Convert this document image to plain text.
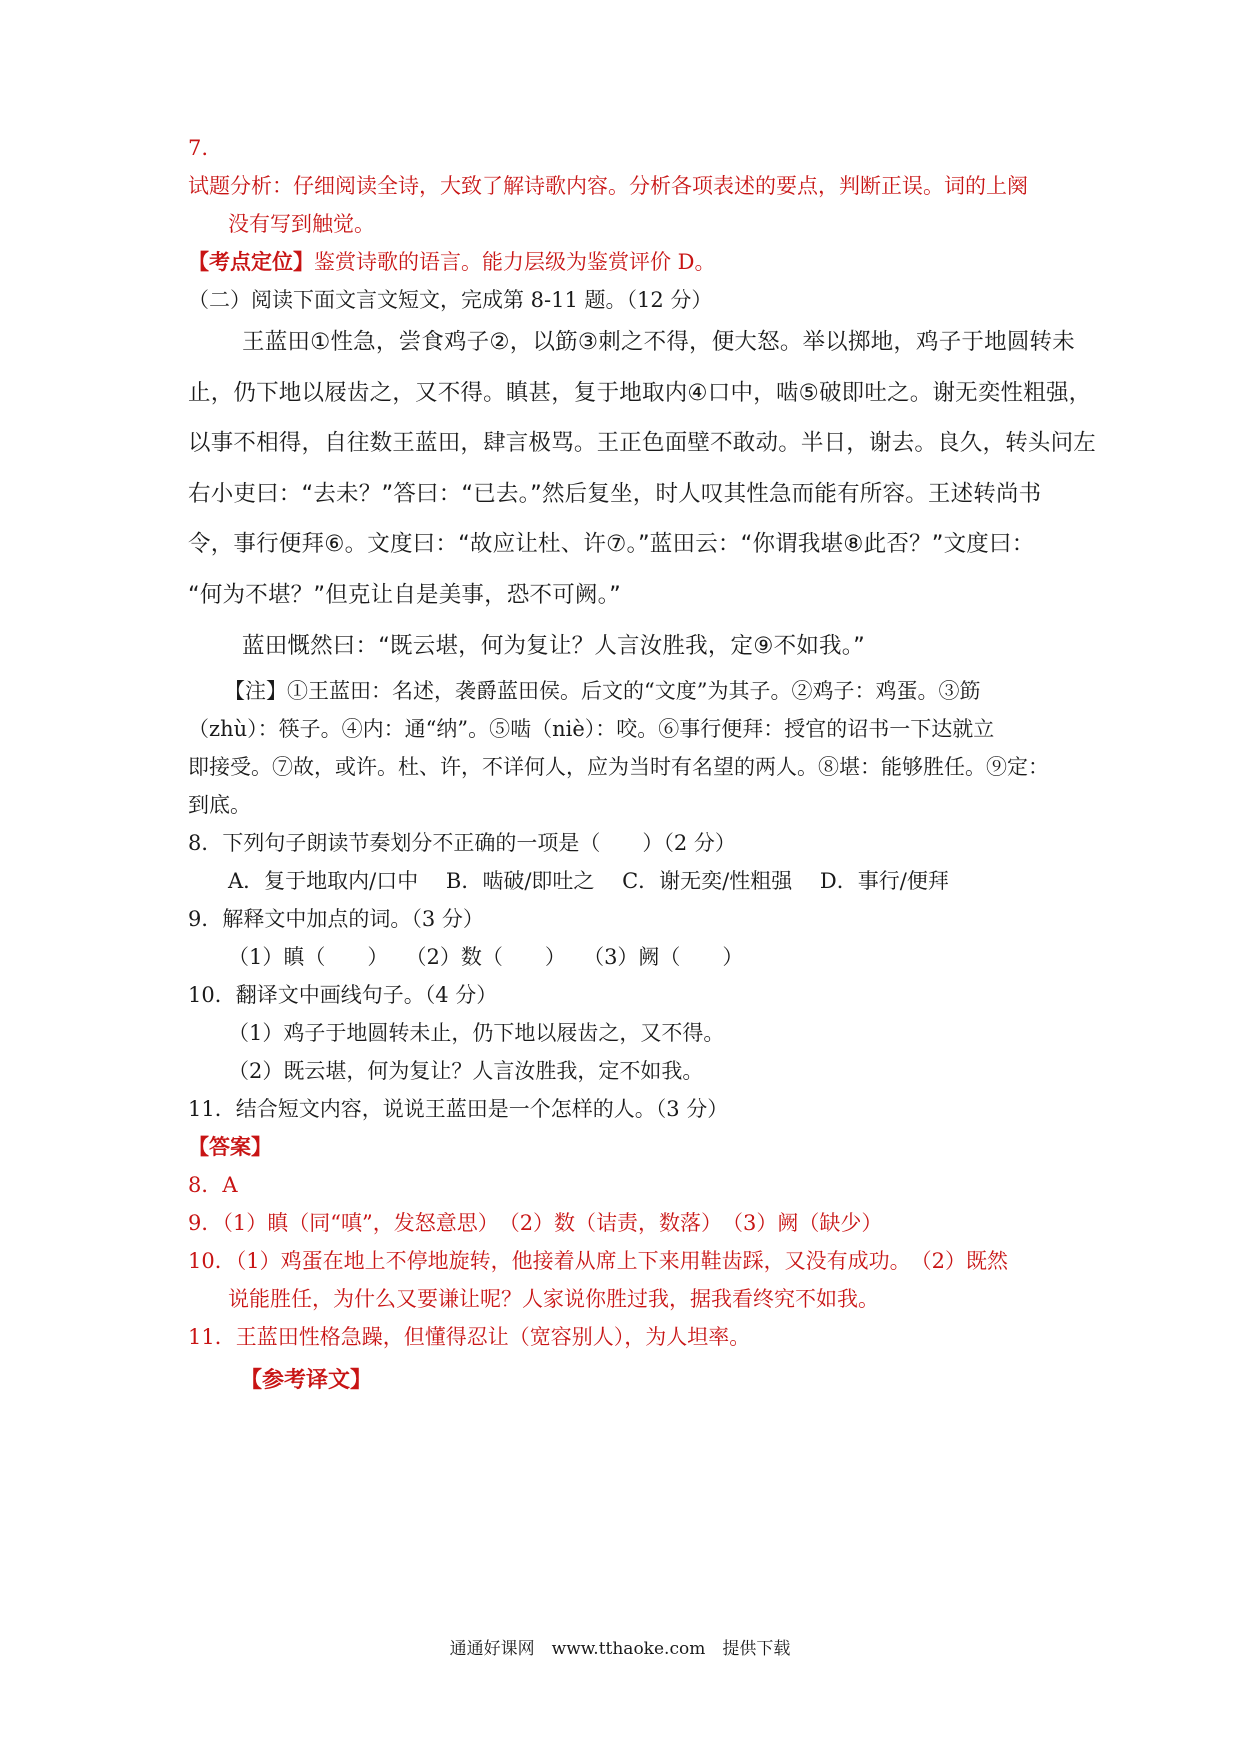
7.
试题分析：仔细阅读全诗，大致了解诗歌内容。分析各项表述的要点，判断正误。词的上阕
没有写到触觉。
【考点定位】鉴赏诗歌的语言。能力层级为鉴赏评价 D。
（二）阅读下面文言文短文，完成第 8-11 题。（12 分）
王蓝田①性急，尝食鸡子②，以筯③刺之不得，便大怒。举以掷地，鸡子于地圆转未
止，仍下地以屐齿之，又不得。瞋甚，复于地取内④口中，啮⑤破即吐之。谢无奕性粗强，
以事不相得，自往数王蓝田，肆言极骂。王正色面壁不敢动。半日，谢去。良久，转头问左
右小吏曰：“去未？”答曰：“已去。”然后复坐，时人叹其性急而能有所容。王述转尚书
令，事行便拜⑥。文度曰：“故应让杜、许⑦。”蓝田云：“你谓我堪⑧此否？”文度曰：
“何为不堪？”但克让自是美事，恐不可阙。”
蓝田慨然曰：“既云堪，何为复让？人言汝胜我，定⑨不如我。”
【注】①王蓝田：名述，袭爵蓝田侯。后文的“文度”为其子。②鸡子：鸡蛋。③筯
（zhù）：筷子。④内：通“纳”。⑤啮（niè）：咬。⑥事行便拜：授官的诏书一下达就立
即接受。⑦故，或许。杜、许，不详何人，应为当时有名望的两人。⑧堪：能够胜任。⑨定：
到底。
8．下列句子朗读节奏划分不正确的一项是（　　）（2 分）
A．复于地取内/口中　 B．啮破/即吐之　 C．谢无奕/性粗强　 D．事行/便拜
9．解释文中加点的词。（3 分）
（1）瞋（　　）　 （2）数（　　）　 （3）阙（　　）
10．翻译文中画线句子。（4 分）
（1）鸡子于地圆转未止，仍下地以屐齿之，又不得。
（2）既云堪，何为复让？人言汝胜我，定不如我。
11．结合短文内容，说说王蓝田是一个怎样的人。（3 分）
【答案】
8．A
9．（1）瞋（同“嗔”，发怒意思）　（2）数（诘责，数落）　（3）阙（缺少）
10．（1）鸡蛋在地上不停地旋转，他接着从席上下来用鞋齿踩，又没有成功。　（2）既然
说能胜任，为什么又要谦让呢？人家说你胜过我，据我看终究不如我。
11．王蓝田性格急躁，但懂得忍让（宽容别人），为人坦率。
【参考译文】
通通好课网　www.tthaoke.com　提供下载
